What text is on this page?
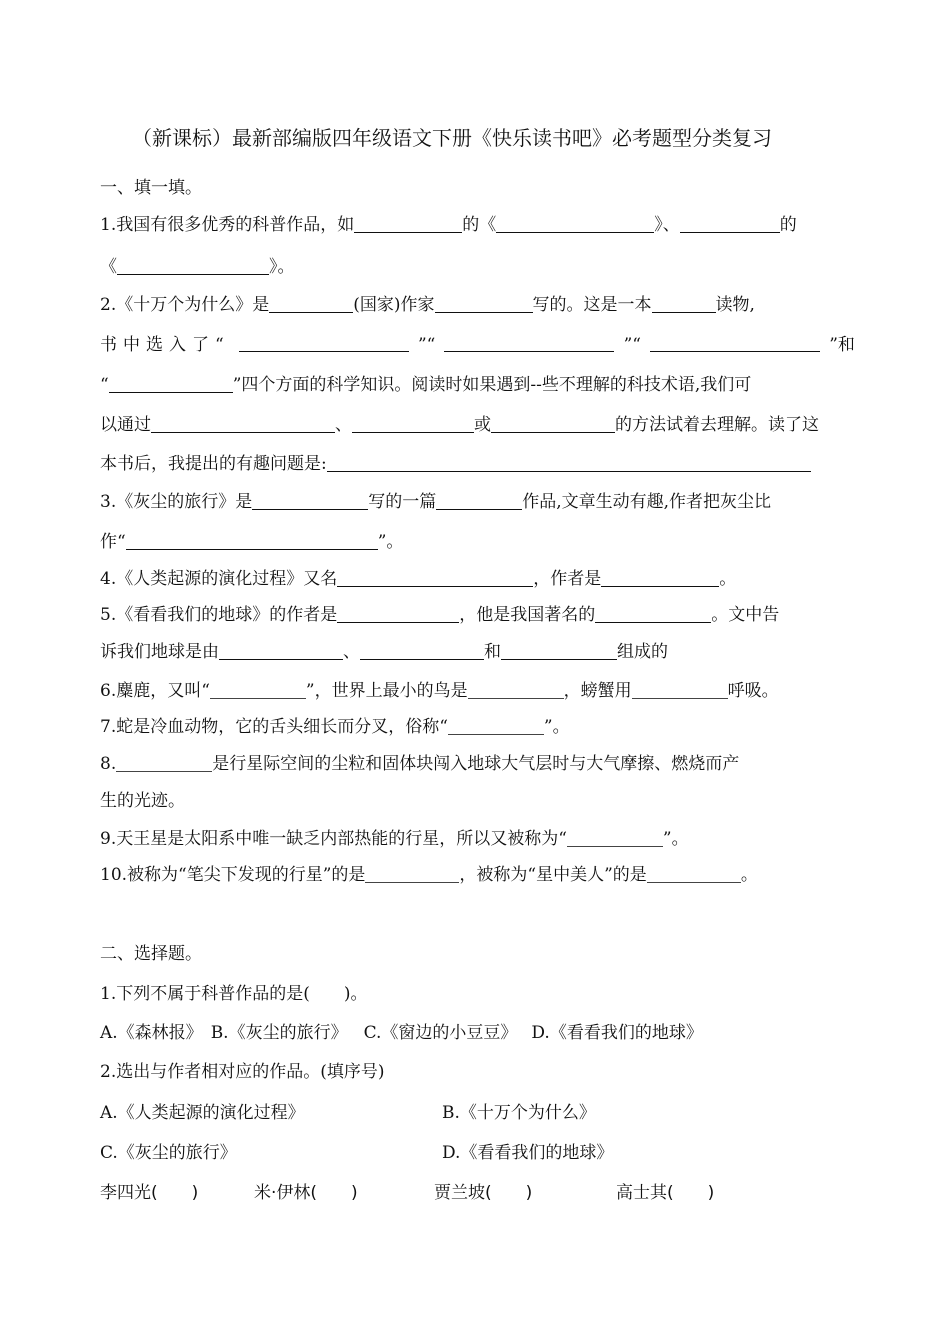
（新课标）最新部编版四年级语文下册《快乐读书吧》必考题型分类复习
一、填一填。
1.我国有很多优秀的科普作品，如	的《	》、	的
《	》。
2.《十万个为什么》是	(国家)作家	写的。这是一本	读物,
书中选入了“	”“	”“	”和
“	”四个方面的科学知识。阅读时如果遇到--些不理解的科技术语,我们可
以通过	、	或	的方法试着去理解。读了这
本书后，我提出的有趣问题是:
3.《灰尘的旅行》是	写的一篇	作品,文章生动有趣,作者把灰尘比
作“	”。
4.《人类起源的演化过程》又名	，作者是	。
5.《看看我们的地球》的作者是	，他是我国著名的	。文中告
诉我们地球是由	、	和	组成的
6.麋鹿，又叫“	”，世界上最小的鸟是	，螃蟹用	呼吸。
7.蛇是冷血动物，它的舌头细长而分叉，俗称“	”。
8.	是行星际空间的尘粒和固体块闯入地球大气层时与大气摩擦、燃烧而产
生的光迹。
9.天王星是太阳系中唯一缺乏内部热能的行星，所以又被称为“	”。
10.被称为“笔尖下发现的行星”的是	，被称为“星中美人”的是	。
二、选择题。
1.下列不属于科普作品的是(　　)。
A.《森林报》 B.《灰尘的旅行》 C.《窗边的小豆豆》 D.《看看我们的地球》
2.选出与作者相对应的作品。(填序号)
A.《人类起源的演化过程》	B.《十万个为什么》
C.《灰尘的旅行》	D.《看看我们的地球》
李四光(　　)	米·伊林(　　)	贾兰坡(　　)	高士其(　　)
